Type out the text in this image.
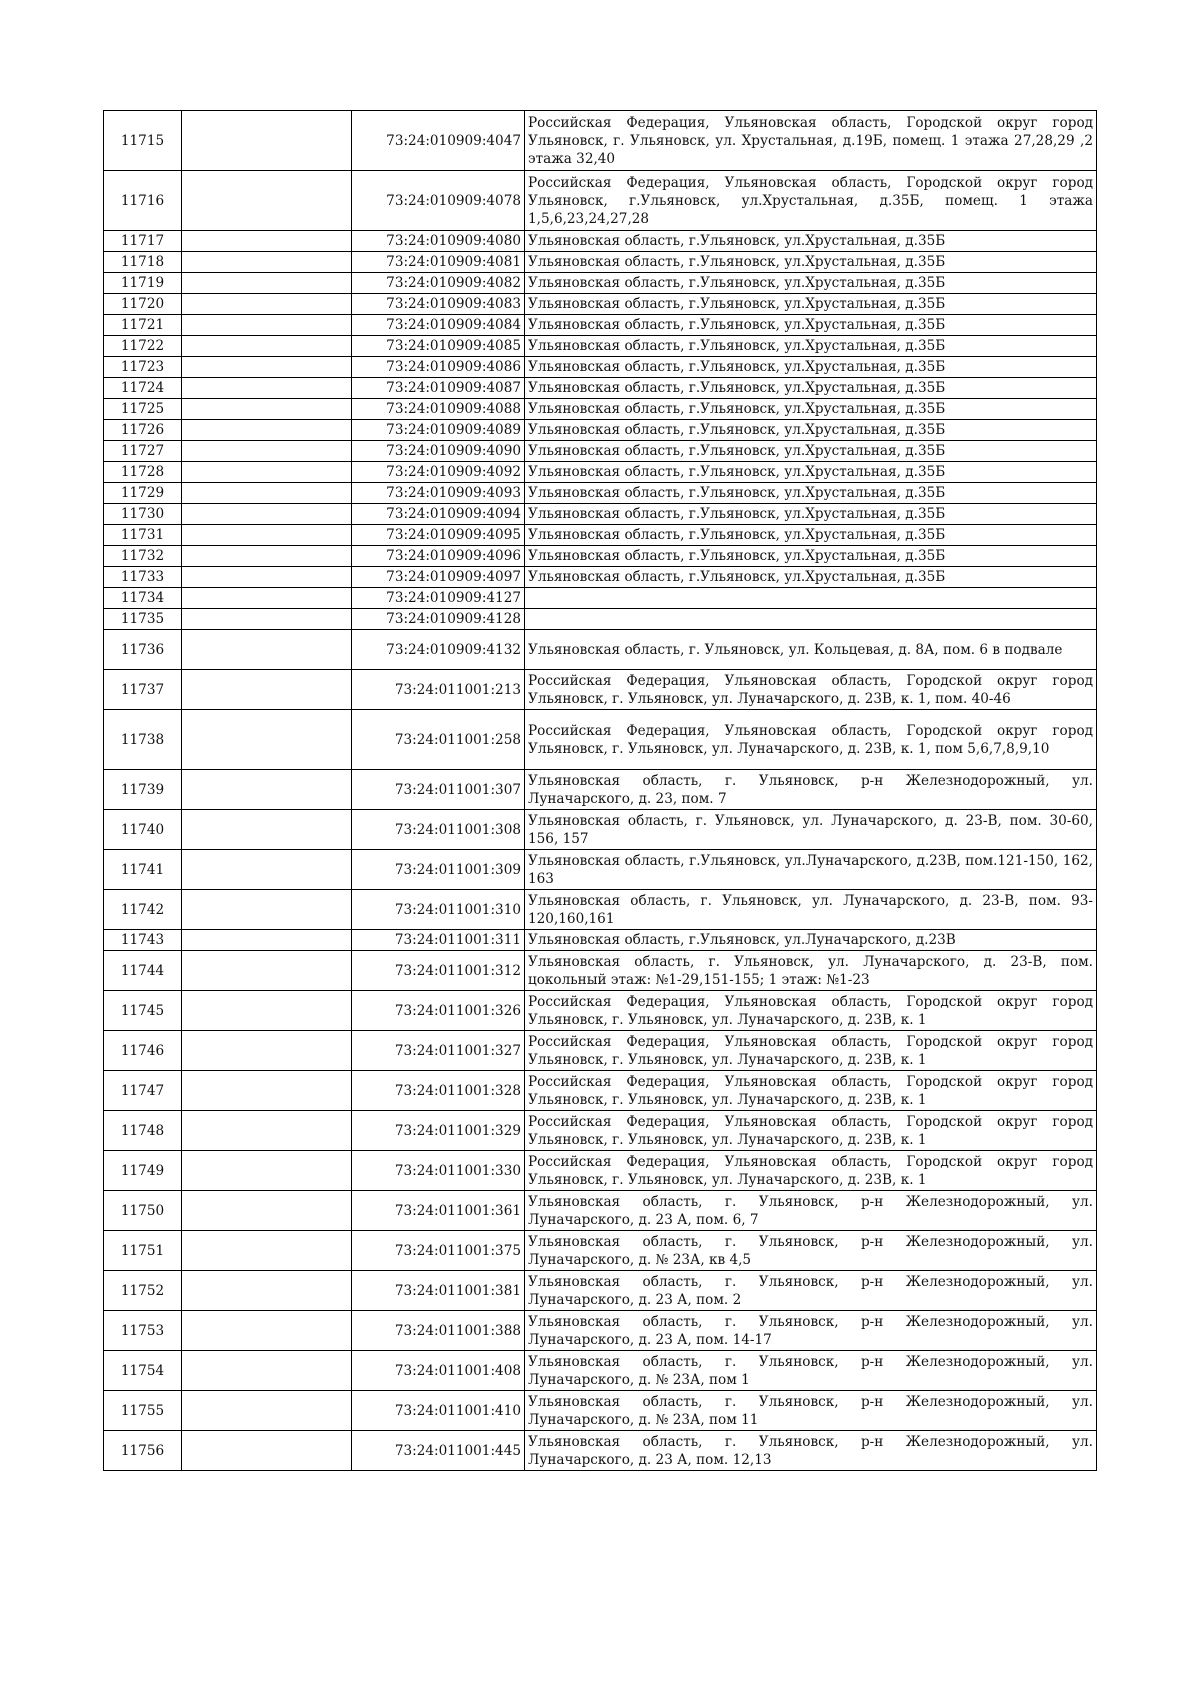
11715		73:24:010909:4047	Российская Федерация, Ульяновская область, Городской округ город Ульяновск, г. Ульяновск, ул. Хрустальная, д.19Б, помещ. 1 этажа 27,28,29 ,2 этажа 32,40
11716		73:24:010909:4078	Российская Федерация, Ульяновская область, Городской округ город Ульяновск, г.Ульяновск, ул.Хрустальная, д.35Б, помещ. 1 этажа 1,5,6,23,24,27,28
11717		73:24:010909:4080	Ульяновская область, г.Ульяновск, ул.Хрустальная, д.35Б
11718		73:24:010909:4081	Ульяновская область, г.Ульяновск, ул.Хрустальная, д.35Б
11719		73:24:010909:4082	Ульяновская область, г.Ульяновск, ул.Хрустальная, д.35Б
11720		73:24:010909:4083	Ульяновская область, г.Ульяновск, ул.Хрустальная, д.35Б
11721		73:24:010909:4084	Ульяновская область, г.Ульяновск, ул.Хрустальная, д.35Б
11722		73:24:010909:4085	Ульяновская область, г.Ульяновск, ул.Хрустальная, д.35Б
11723		73:24:010909:4086	Ульяновская область, г.Ульяновск, ул.Хрустальная, д.35Б
11724		73:24:010909:4087	Ульяновская область, г.Ульяновск, ул.Хрустальная, д.35Б
11725		73:24:010909:4088	Ульяновская область, г.Ульяновск, ул.Хрустальная, д.35Б
11726		73:24:010909:4089	Ульяновская область, г.Ульяновск, ул.Хрустальная, д.35Б
11727		73:24:010909:4090	Ульяновская область, г.Ульяновск, ул.Хрустальная, д.35Б
11728		73:24:010909:4092	Ульяновская область, г.Ульяновск, ул.Хрустальная, д.35Б
11729		73:24:010909:4093	Ульяновская область, г.Ульяновск, ул.Хрустальная, д.35Б
11730		73:24:010909:4094	Ульяновская область, г.Ульяновск, ул.Хрустальная, д.35Б
11731		73:24:010909:4095	Ульяновская область, г.Ульяновск, ул.Хрустальная, д.35Б
11732		73:24:010909:4096	Ульяновская область, г.Ульяновск, ул.Хрустальная, д.35Б
11733		73:24:010909:4097	Ульяновская область, г.Ульяновск, ул.Хрустальная, д.35Б
11734		73:24:010909:4127	
11735		73:24:010909:4128	
11736		73:24:010909:4132	Ульяновская область, г. Ульяновск, ул. Кольцевая, д. 8А, пом. 6 в подвале
11737		73:24:011001:213	Российская Федерация, Ульяновская область, Городской округ город Ульяновск, г. Ульяновск, ул. Луначарского, д. 23В, к. 1, пом. 40-46
11738		73:24:011001:258	Российская Федерация, Ульяновская область, Городской округ город Ульяновск, г. Ульяновск, ул. Луначарского, д. 23В, к. 1, пом 5,6,7,8,9,10
11739		73:24:011001:307	Ульяновская область, г. Ульяновск, р-н Железнодорожный, ул. Луначарского, д. 23, пом. 7
11740		73:24:011001:308	Ульяновская область, г. Ульяновск, ул. Луначарского, д. 23-В, пом. 30-60, 156, 157
11741		73:24:011001:309	Ульяновская область, г.Ульяновск, ул.Луначарского, д.23В, пом.121-150, 162, 163
11742		73:24:011001:310	Ульяновская область, г. Ульяновск, ул. Луначарского, д. 23-В, пом. 93-120,160,161
11743		73:24:011001:311	Ульяновская область, г.Ульяновск, ул.Луначарского, д.23В
11744		73:24:011001:312	Ульяновская область, г. Ульяновск, ул. Луначарского, д. 23-В, пом. цокольный этаж: №1-29,151-155; 1 этаж: №1-23
11745		73:24:011001:326	Российская Федерация, Ульяновская область, Городской округ город Ульяновск, г. Ульяновск, ул. Луначарского, д. 23В, к. 1
11746		73:24:011001:327	Российская Федерация, Ульяновская область, Городской округ город Ульяновск, г. Ульяновск, ул. Луначарского, д. 23В, к. 1
11747		73:24:011001:328	Российская Федерация, Ульяновская область, Городской округ город Ульяновск, г. Ульяновск, ул. Луначарского, д. 23В, к. 1
11748		73:24:011001:329	Российская Федерация, Ульяновская область, Городской округ город Ульяновск, г. Ульяновск, ул. Луначарского, д. 23В, к. 1
11749		73:24:011001:330	Российская Федерация, Ульяновская область, Городской округ город Ульяновск, г. Ульяновск, ул. Луначарского, д. 23В, к. 1
11750		73:24:011001:361	Ульяновская область, г. Ульяновск, р-н Железнодорожный, ул. Луначарского, д. 23 А, пом. 6, 7
11751		73:24:011001:375	Ульяновская область, г. Ульяновск, р-н Железнодорожный, ул. Луначарского, д. № 23А, кв 4,5
11752		73:24:011001:381	Ульяновская область, г. Ульяновск, р-н Железнодорожный, ул. Луначарского, д. 23 А, пом. 2
11753		73:24:011001:388	Ульяновская область, г. Ульяновск, р-н Железнодорожный, ул. Луначарского, д. 23 А, пом. 14-17
11754		73:24:011001:408	Ульяновская область, г. Ульяновск, р-н Железнодорожный, ул. Луначарского, д. № 23А, пом 1
11755		73:24:011001:410	Ульяновская область, г. Ульяновск, р-н Железнодорожный, ул. Луначарского, д. № 23А, пом 11
11756		73:24:011001:445	Ульяновская область, г. Ульяновск, р-н Железнодорожный, ул. Луначарского, д. 23 А, пом. 12,13
